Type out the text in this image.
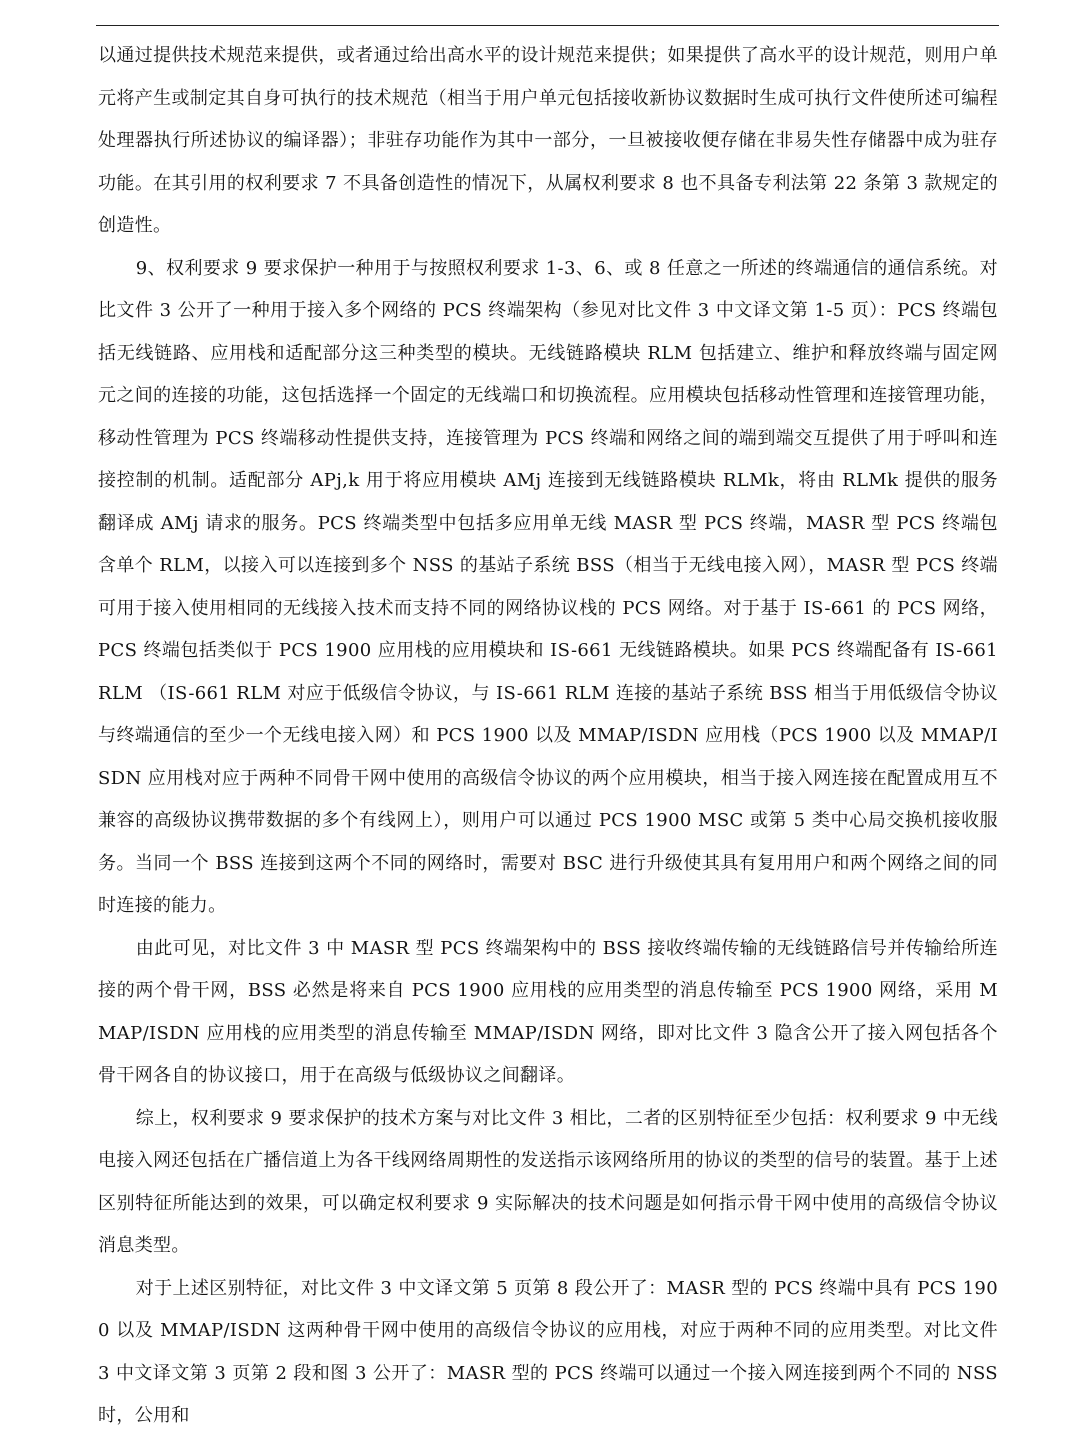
以通过提供技术规范来提供，或者通过给出高水平的设计规范来提供；如果提供了高水平的设计规范，则用户单元将产生或制定其自身可执行的技术规范（相当于用户单元包括接收新协议数据时生成可执行文件使所述可编程处理器执行所述协议的编译器）；非驻存功能作为其中一部分，一旦被接收便存储在非易失性存储器中成为驻存功能。在其引用的权利要求 7 不具备创造性的情况下，从属权利要求 8 也不具备专利法第 22 条第 3 款规定的创造性。

9、权利要求 9 要求保护一种用于与按照权利要求 1-3、6、或 8 任意之一所述的终端通信的通信系统。对比文件 3 公开了一种用于接入多个网络的 PCS 终端架构（参见对比文件 3 中文译文第 1-5 页）：PCS 终端包括无线链路、应用栈和适配部分这三种类型的模块。无线链路模块 RLM 包括建立、维护和释放终端与固定网元之间的连接的功能，这包括选择一个固定的无线端口和切换流程。应用模块包括移动性管理和连接管理功能，移动性管理为 PCS 终端移动性提供支持，连接管理为 PCS 终端和网络之间的端到端交互提供了用于呼叫和连接控制的机制。适配部分 APj,k 用于将应用模块 AMj 连接到无线链路模块 RLMk，将由 RLMk 提供的服务翻译成 AMj 请求的服务。PCS 终端类型中包括多应用单无线 MASR 型 PCS 终端，MASR 型 PCS 终端包含单个 RLM，以接入可以连接到多个 NSS 的基站子系统 BSS（相当于无线电接入网），MASR 型 PCS 终端可用于接入使用相同的无线接入技术而支持不同的网络协议栈的 PCS 网络。对于基于 IS-661 的 PCS 网络，PCS 终端包括类似于 PCS 1900 应用栈的应用模块和 IS-661 无线链路模块。如果 PCS 终端配备有 IS-661 RLM （IS-661 RLM 对应于低级信令协议，与 IS-661 RLM 连接的基站子系统 BSS 相当于用低级信令协议与终端通信的至少一个无线电接入网）和 PCS 1900 以及 MMAP/ISDN 应用栈（PCS 1900 以及 MMAP/ISDN 应用栈对应于两种不同骨干网中使用的高级信令协议的两个应用模块，相当于接入网连接在配置成用互不兼容的高级协议携带数据的多个有线网上），则用户可以通过 PCS 1900 MSC 或第 5 类中心局交换机接收服务。当同一个 BSS 连接到这两个不同的网络时，需要对 BSC 进行升级使其具有复用用户和两个网络之间的同时连接的能力。

由此可见，对比文件 3 中 MASR 型 PCS 终端架构中的 BSS 接收终端传输的无线链路信号并传输给所连接的两个骨干网，BSS 必然是将来自 PCS 1900 应用栈的应用类型的消息传输至 PCS 1900 网络，采用 MMAP/ISDN 应用栈的应用类型的消息传输至 MMAP/ISDN 网络，即对比文件 3 隐含公开了接入网包括各个骨干网各自的协议接口，用于在高级与低级协议之间翻译。

综上，权利要求 9 要求保护的技术方案与对比文件 3 相比，二者的区别特征至少包括：权利要求 9 中无线电接入网还包括在广播信道上为各干线网络周期性的发送指示该网络所用的协议的类型的信号的装置。基于上述区别特征所能达到的效果，可以确定权利要求 9 实际解决的技术问题是如何指示骨干网中使用的高级信令协议消息类型。

对于上述区别特征，对比文件 3 中文译文第 5 页第 8 段公开了：MASR 型的 PCS 终端中具有 PCS 1900 以及 MMAP/ISDN 这两种骨干网中使用的高级信令协议的应用栈，对应于两种不同的应用类型。对比文件 3 中文译文第 3 页第 2 段和图 3 公开了：MASR 型的 PCS 终端可以通过一个接入网连接到两个不同的 NSS 时，公用和
